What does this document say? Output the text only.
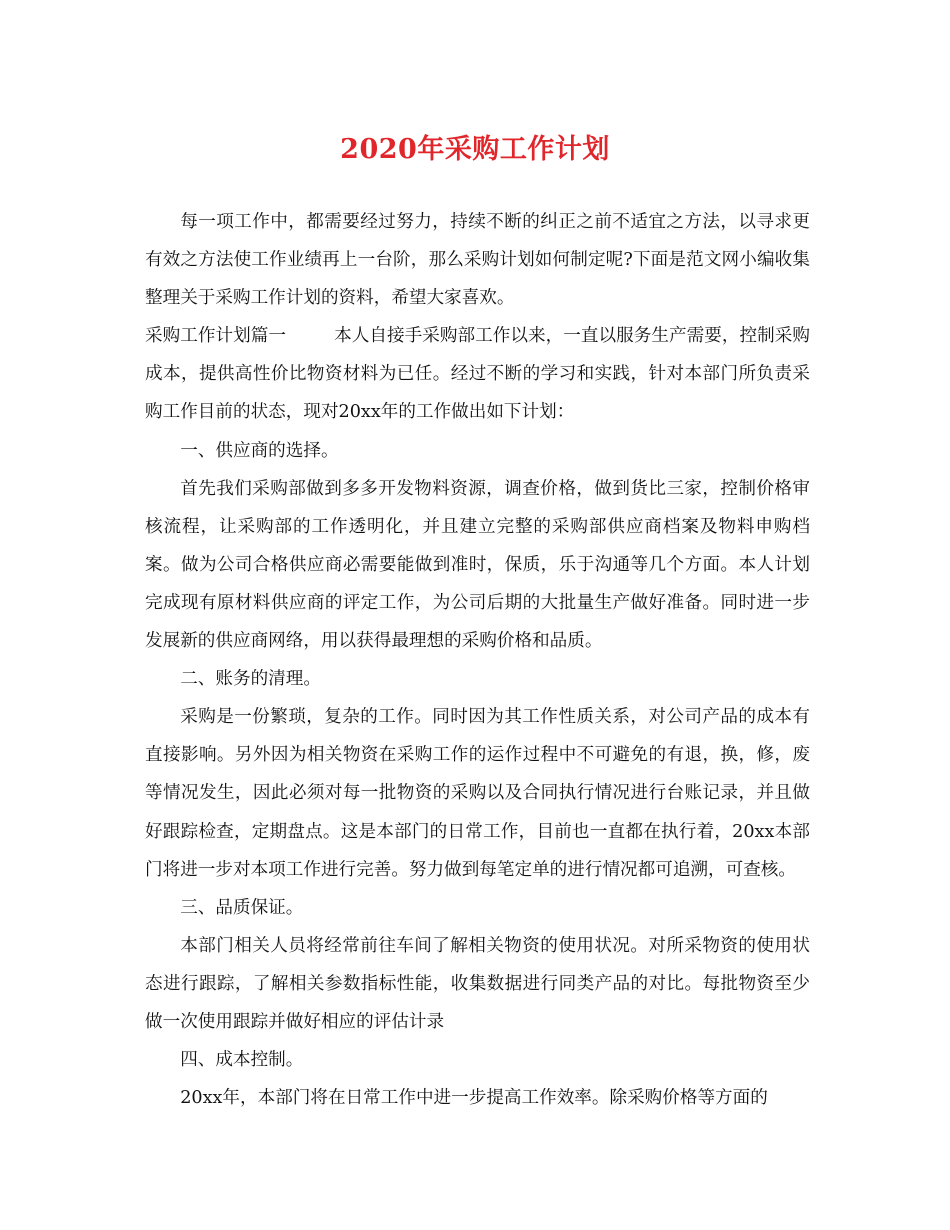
2020年采购工作计划

每一项工作中，都需要经过努力，持续不断的纠正之前不适宜之方法，以寻求更有效之方法使工作业绩再上一台阶，那么采购计划如何制定呢?下面是范文网小编收集整理关于采购工作计划的资料，希望大家喜欢。

采购工作计划篇一	本人自接手采购部工作以来，一直以服务生产需要，控制采购成本，提供高性价比物资材料为已任。经过不断的学习和实践，针对本部门所负责采购工作目前的状态，现对20xx年的工作做出如下计划：

一、供应商的选择。

首先我们采购部做到多多开发物料资源，调查价格，做到货比三家，控制价格审核流程，让采购部的工作透明化，并且建立完整的采购部供应商档案及物料申购档案。做为公司合格供应商必需要能做到准时，保质，乐于沟通等几个方面。本人计划完成现有原材料供应商的评定工作，为公司后期的大批量生产做好准备。同时进一步发展新的供应商网络，用以获得最理想的采购价格和品质。

二、账务的清理。

采购是一份繁琐，复杂的工作。同时因为其工作性质关系，对公司产品的成本有直接影响。另外因为相关物资在采购工作的运作过程中不可避免的有退，换，修，废等情况发生，因此必须对每一批物资的采购以及合同执行情况进行台账记录，并且做好跟踪检查，定期盘点。这是本部门的日常工作，目前也一直都在执行着，20xx本部门将进一步对本项工作进行完善。努力做到每笔定单的进行情况都可追溯，可查核。

三、品质保证。

本部门相关人员将经常前往车间了解相关物资的使用状况。对所采物资的使用状态进行跟踪，了解相关参数指标性能，收集数据进行同类产品的对比。每批物资至少做一次使用跟踪并做好相应的评估计录

四、成本控制。

20xx年，本部门将在日常工作中进一步提高工作效率。除采购价格等方面的
